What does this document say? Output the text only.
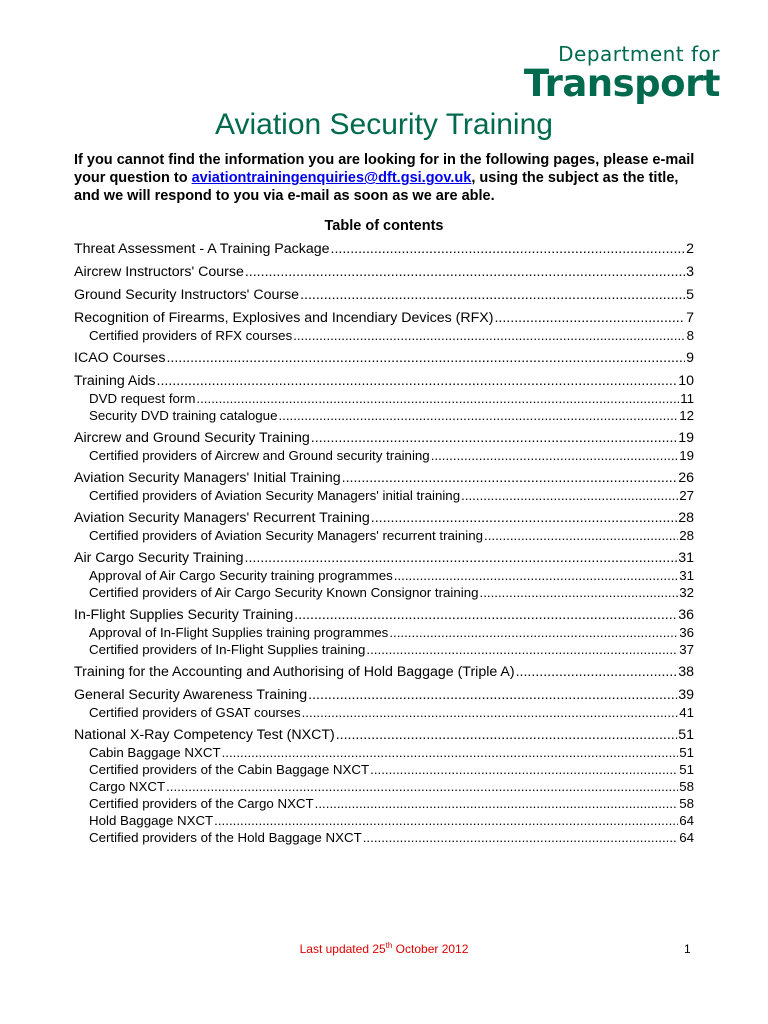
Department for
Transport
Aviation Security Training

If you cannot find the information you are looking for in the following pages, please e-mail your question to aviationtrainingenquiries@dft.gsi.gov.uk, using the subject as the title, and we will respond to you via e-mail as soon as we are able.

Table of contents
Threat Assessment - A Training Package .....	2
Aircrew Instructors' Course .....	3
Ground Security Instructors' Course .....	5
Recognition of Firearms, Explosives and Incendiary Devices (RFX) .....	7
Certified providers of RFX courses .....	8
ICAO Courses .....	9
Training Aids .....	10
DVD request form .....	11
Security DVD training catalogue .....	12
Aircrew and Ground Security Training .....	19
Certified providers of Aircrew and Ground security training .....	19
Aviation Security Managers' Initial Training .....	26
Certified providers of Aviation Security Managers' initial training .....	27
Aviation Security Managers' Recurrent Training .....	28
Certified providers of Aviation Security Managers' recurrent training .....	28
Air Cargo Security Training .....	31
Approval of Air Cargo Security training programmes .....	31
Certified providers of Air Cargo Security Known Consignor training .....	32
In-Flight Supplies Security Training .....	36
Approval of In-Flight Supplies training programmes .....	36
Certified providers of In-Flight Supplies training .....	37
Training for the Accounting and Authorising of Hold Baggage (Triple A) .....	38
General Security Awareness Training .....	39
Certified providers of GSAT courses .....	41
National X-Ray Competency Test (NXCT) .....	51
Cabin Baggage NXCT .....	51
Certified providers of the Cabin Baggage NXCT .....	51
Cargo NXCT .....	58
Certified providers of the Cargo NXCT .....	58
Hold Baggage NXCT .....	64
Certified providers of the Hold Baggage NXCT .....	64
Last updated 25th October 2012	1
